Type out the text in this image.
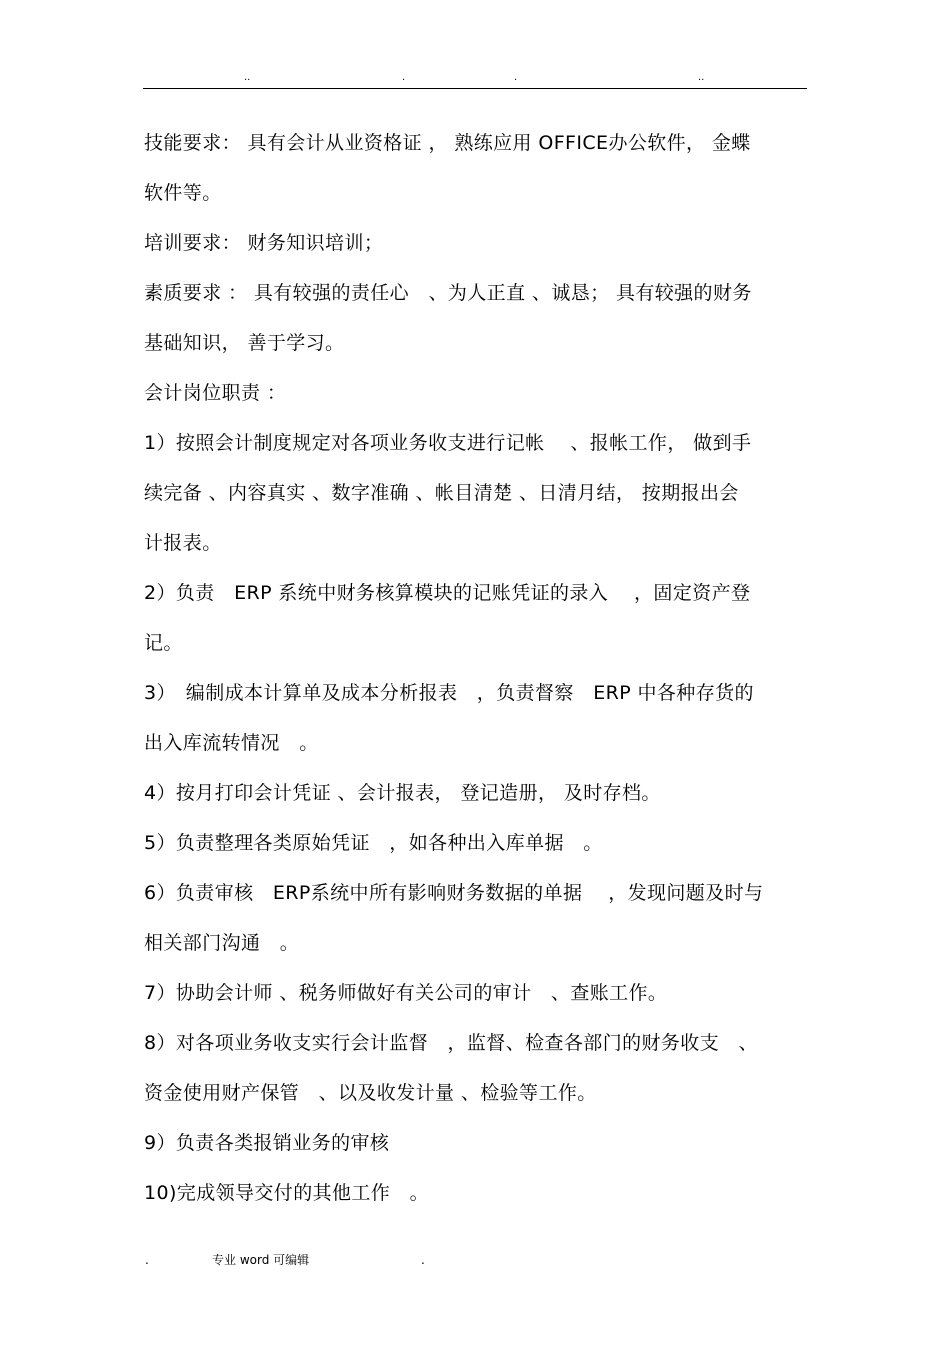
..	.	.	..

技能要求： 具有会计从业资格证 ， 熟练应用 OFFICE办公软件， 金蝶

软件等。

培训要求： 财务知识培训；

素质要求 ： 具有较强的责任心　、为人正直 、诚恳； 具有较强的财务

基础知识， 善于学习。

会计岗位职责 ：

1）按照会计制度规定对各项业务收支进行记帐　 、报帐工作， 做到手

续完备 、内容真实 、数字准确 、帐目清楚 、日清月结， 按期报出会

计报表。

2）负责　ERP 系统中财务核算模块的记账凭证的录入　 ，固定资产登

记。

3）　编制成本计算单及成本分析报表　，负责督察　ERP 中各种存货的

出入库流转情况　。

4）按月打印会计凭证 、会计报表， 登记造册， 及时存档。

5）负责整理各类原始凭证　，如各种出入库单据　。

6）负责审核　ERP系统中所有影响财务数据的单据　 ，发现问题及时与

相关部门沟通　。

7）协助会计师 、税务师做好有关公司的审计　、查账工作。

8）对各项业务收支实行会计监督　，监督、检查各部门的财务收支　、

资金使用财产保管　、以及收发计量 、检验等工作。

9）负责各类报销业务的审核

10)完成领导交付的其他工作　。

.	专业 word 可编辑	.
